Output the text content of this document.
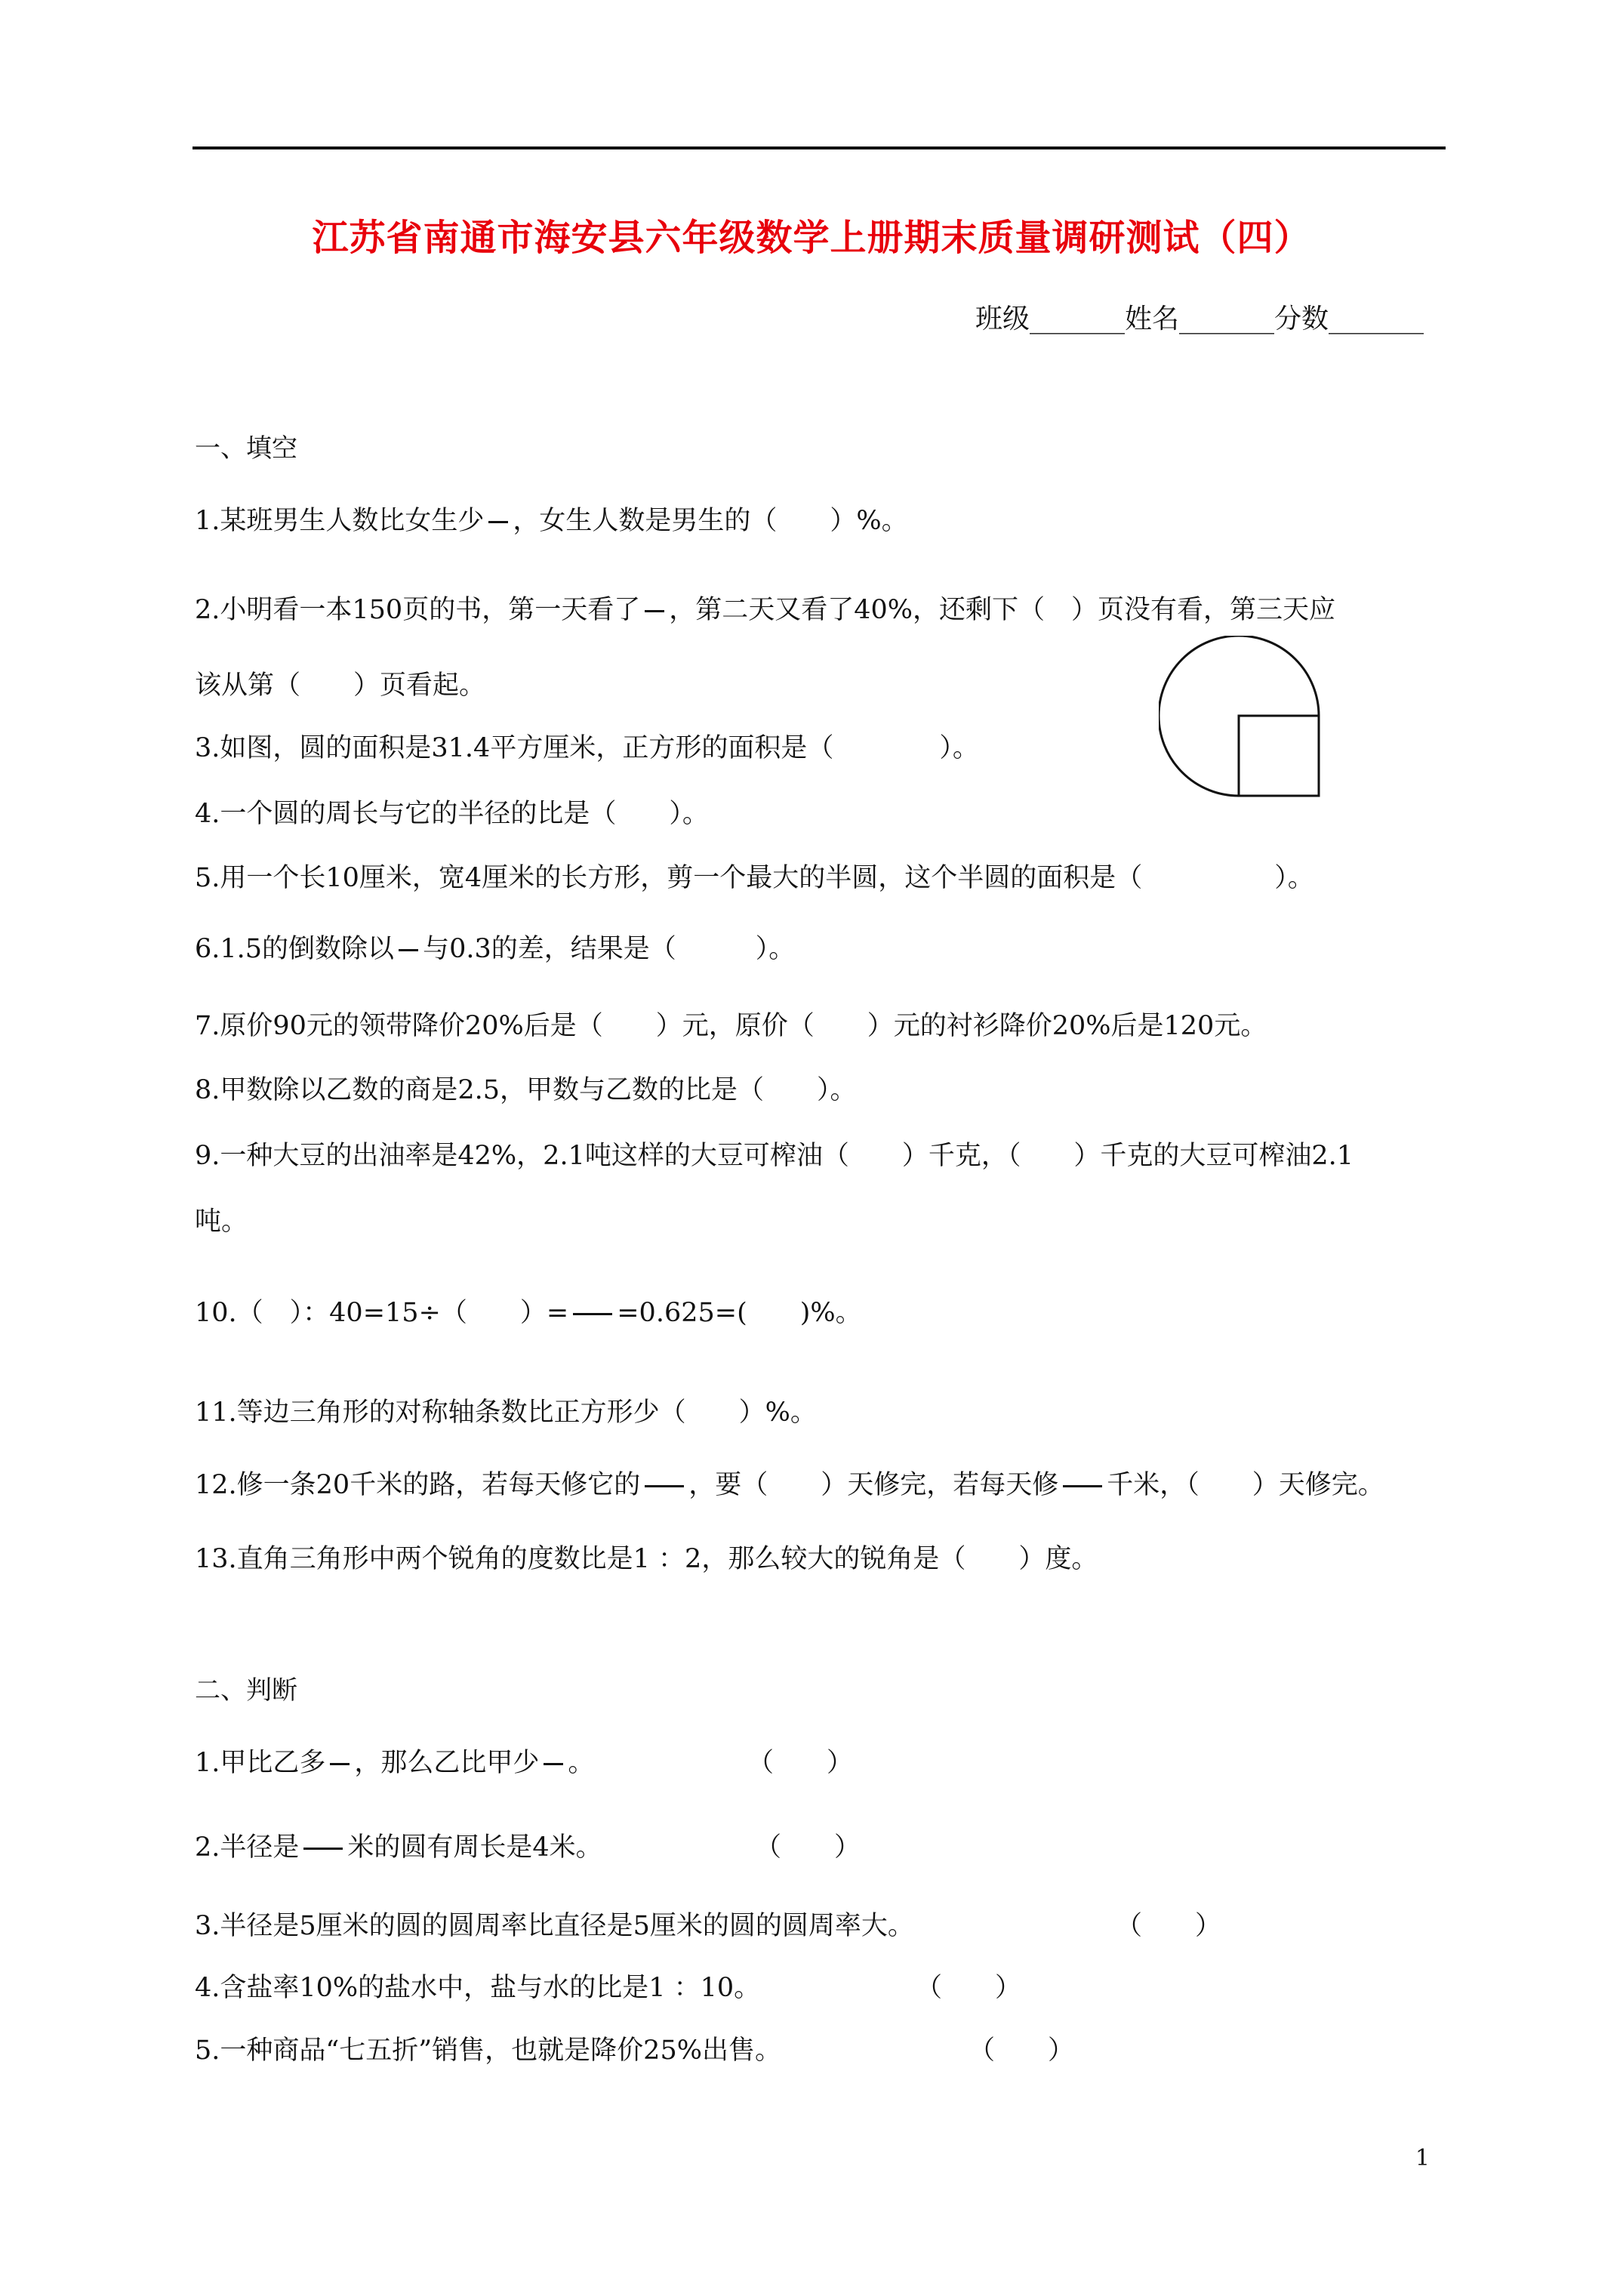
江苏省南通市海安县六年级数学上册期末质量调研测试（四）
班级_______姓名_______分数_______
一、填空
1.某班男生人数比女生少 ，女生人数是男生的（　　）%。
2.小明看一本150页的书，第一天看了 ，第二天又看了40%，还剩下（　）页没有看，第三天应
该从第（　　）页看起。
3.如图，圆的面积是31.4平方厘米，正方形的面积是（　　　　）。
4.一个圆的周长与它的半径的比是（　　）。
5.用一个长10厘米，宽4厘米的长方形，剪一个最大的半圆，这个半圆的面积是（　　　　　）。
6.1.5的倒数除以 与0.3的差，结果是（　　　）。
7.原价90元的领带降价20%后是（　　）元，原价（　　）元的衬衫降价20%后是120元。
8.甲数除以乙数的商是2.5，甲数与乙数的比是（　　）。
9.一种大豆的出油率是42%，2.1吨这样的大豆可榨油（　　）千克，（　　）千克的大豆可榨油2.1
吨。
10.（　）：40=15÷（　　）= =0.625=(　　)%。
11.等边三角形的对称轴条数比正方形少（　　）%。
12.修一条20千米的路，若每天修它的 ，要（　　）天修完，若每天修 千米，（　　）天修完。
13.直角三角形中两个锐角的度数比是1 ：2，那么较大的锐角是（　　）度。
二、判断
1.甲比乙多 ，那么乙比甲少 。	（　　）
2.半径是 米的圆有周长是4米。	（　　）
3.半径是5厘米的圆的圆周率比直径是5厘米的圆的圆周率大。	（　　）
4.含盐率10%的盐水中，盐与水的比是1 ：10。	（　　）
5.一种商品“七五折”销售，也就是降价25%出售。	（　　）
1
